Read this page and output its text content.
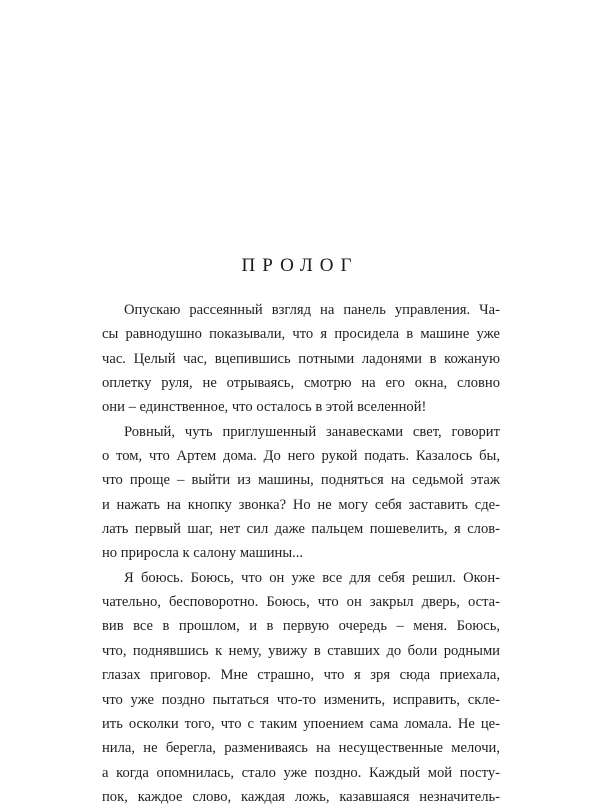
ПРОЛОГ
Опускаю рассеянный взгляд на панель управления. Ча-
сы равнодушно показывали, что я просидела в машине уже
час. Целый час, вцепившись потными ладонями в кожаную
оплетку руля, не отрываясь, смотрю на его окна, словно
они – единственное, что осталось в этой вселенной!
Ровный, чуть приглушенный занавесками свет, говорит
о том, что Артем дома. До него рукой подать. Казалось бы,
что проще – выйти из машины, подняться на седьмой этаж
и нажать на кнопку звонка? Но не могу себя заставить сде-
лать первый шаг, нет сил даже пальцем пошевелить, я слов-
но приросла к салону машины...
Я боюсь. Боюсь, что он уже все для себя решил. Окон-
чательно, бесповоротно. Боюсь, что он закрыл дверь, оста-
вив все в прошлом, и в первую очередь – меня. Боюсь,
что, поднявшись к нему, увижу в ставших до боли родными
глазах приговор. Мне страшно, что я зря сюда приехала,
что уже поздно пытаться что-то изменить, исправить, скле-
ить осколки того, что с таким упоением сама ломала. Не це-
нила, не берегла, размениваясь на несущественные мелочи,
а когда опомнилась, стало уже поздно. Каждый мой посту-
пок, каждое слово, каждая ложь, казавшаяся незначитель-
